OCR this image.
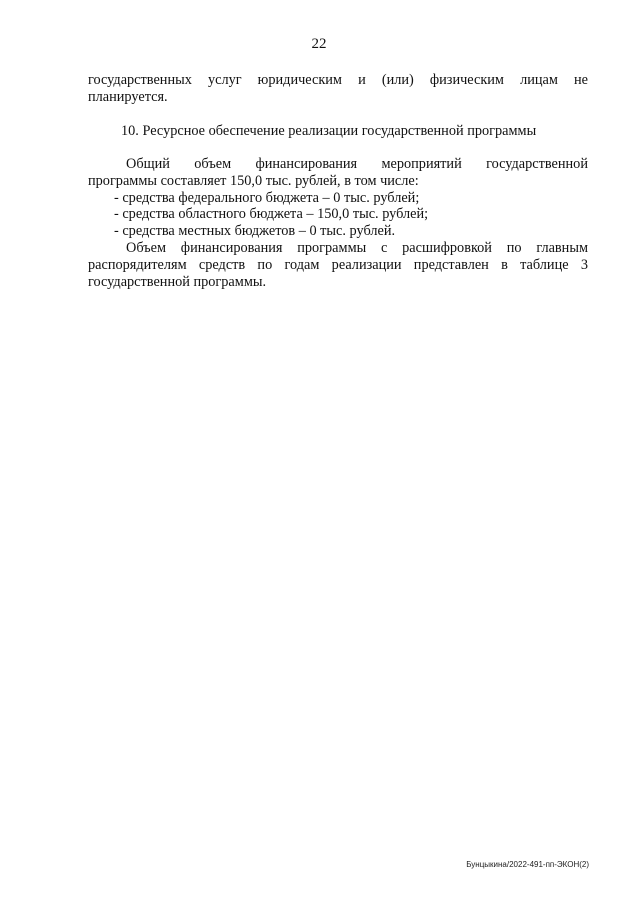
22
государственных услуг юридическим и (или) физическим лицам не
планируется.
10. Ресурсное обеспечение реализации государственной программы
Общий объем финансирования мероприятий государственной
программы составляет 150,0 тыс. рублей, в том числе:
- средства федерального бюджета – 0 тыс. рублей;
- средства областного бюджета – 150,0 тыс. рублей;
- средства местных бюджетов – 0 тыс. рублей.
Объем финансирования программы с расшифровкой по главным
распорядителям средств по годам реализации представлен в таблице 3
государственной программы.
Бунцыкина/2022-491-пп-ЭКОН(2)
